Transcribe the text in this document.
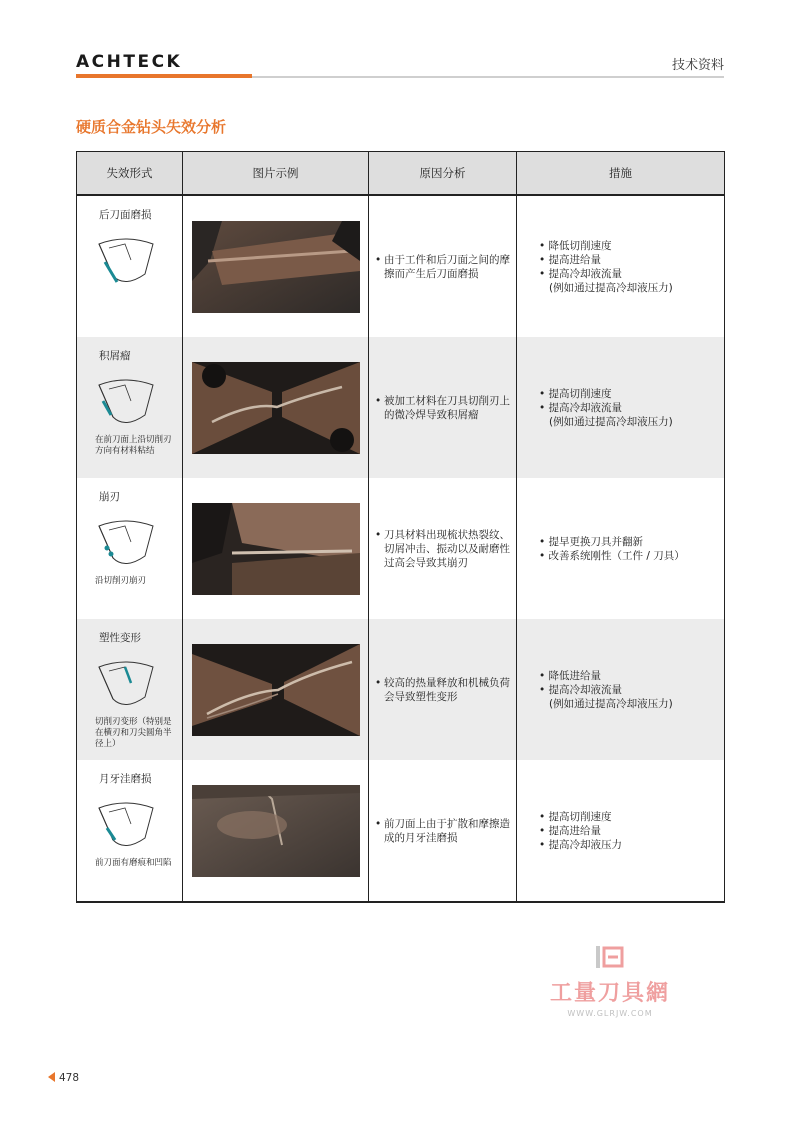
ACHTECK	技术资料
硬质合金钻头失效分析
失效形式	图片示例	原因分析	措施

后刀面磨损		• 由于工件和后刀面之间的摩擦而产生后刀面磨损	• 降低切削速度
• 提高进给量
• 提高冷却液流量
(例如通过提高冷却液压力)

积屑瘤
在前刀面上沿切削刃方向有材料粘结		• 被加工材料在刀具切削刃上的微冷焊导致积屑瘤	• 提高切削速度
• 提高冷却液流量
(例如通过提高冷却液压力)

崩刃
沿切削刃崩刃		• 刀具材料出现梳状热裂纹、切屑冲击、振动以及耐磨性过高会导致其崩刃	• 提早更换刀具并翻新
• 改善系统刚性（工件 / 刀具）

塑性变形
切削刃变形（特别是在横刃和刀尖圆角半径上）		• 较高的热量释放和机械负荷会导致塑性变形	• 降低进给量
• 提高冷却液流量
(例如通过提高冷却液压力)

月牙洼磨损
前刀面有磨痕和凹陷		• 前刀面上由于扩散和摩擦造成的月牙洼磨损	• 提高切削速度
• 提高进给量
• 提高冷却液压力
工量刀具網
WWW.GLRJW.COM
478
